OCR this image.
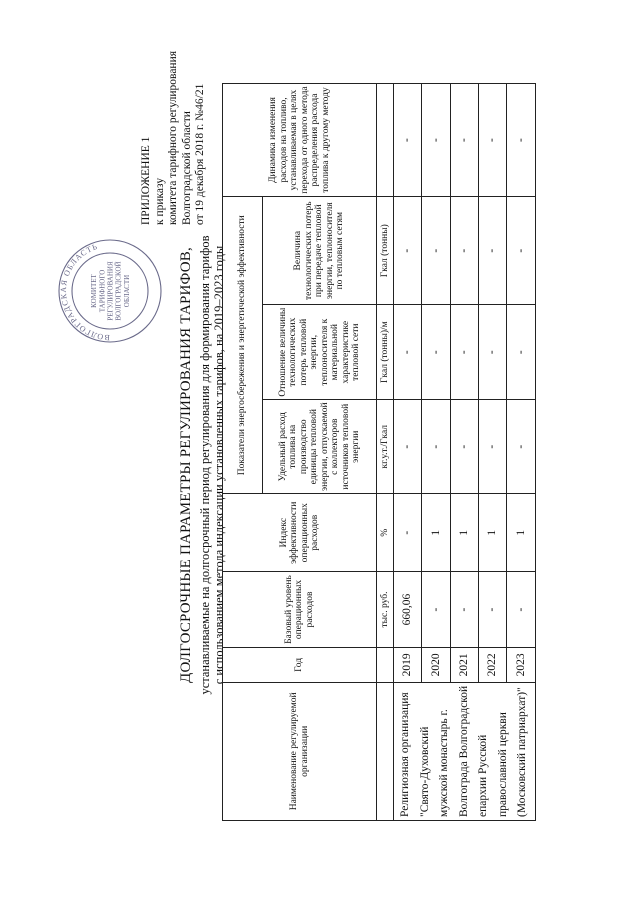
ВОЛГОГРАДСКАЯ ОБЛАСТЬ
КОМИТЕТ ТАРИФНОГО РЕГУЛИРОВАНИЯ ВОЛГОГРАДСКОЙ ОБЛАСТИ
ПРИЛОЖЕНИЕ 1 к приказу комитета тарифного регулирования Волгоградской области от 19 декабря 2018 г. №46/21
ДОЛГОСРОЧНЫЕ ПАРАМЕТРЫ РЕГУЛИРОВАНИЯ ТАРИФОВ, устанавливаемые на долгосрочный период регулирования для формирования тарифов с использованием метода индексации установленных тарифов, на 2019–2023 годы
Наименование регулируемой организации	Год	Базовый уровень операционных расходов	Индекс эффективности операционных расходов	Показатели энергосбережения и энергетической эффективности			Динамика изменения расходов на топливо, устанавливаемая в целях перехода от одного метода распределения расхода топлива к другому методу
				Удельный расход топлива на производство единицы тепловой энергии, отпускаемой с коллекторов источников тепловой энергии	Отношение величины технологических потерь тепловой энергии, теплоносителя к материальной характеристике тепловой сети	Величина технологических потерь при передаче тепловой энергии, теплоносителя по тепловым сетям	
		тыс. руб.	%	кг.у.т./Гкал	Гкал (тонны)/м	Гкал (тонны)	
Религиозная организация "Свято-Духовский мужской монастырь г. Волгограда Волгоградской епархии Русской православной церкви (Московский патриархат)"	2019	660,06	-	-	-	-	-
	2020	-	1	-	-	-	-
	2021	-	1	-	-	-	-
	2022	-	1	-	-	-	-
	2023	-	1	-	-	-	-
